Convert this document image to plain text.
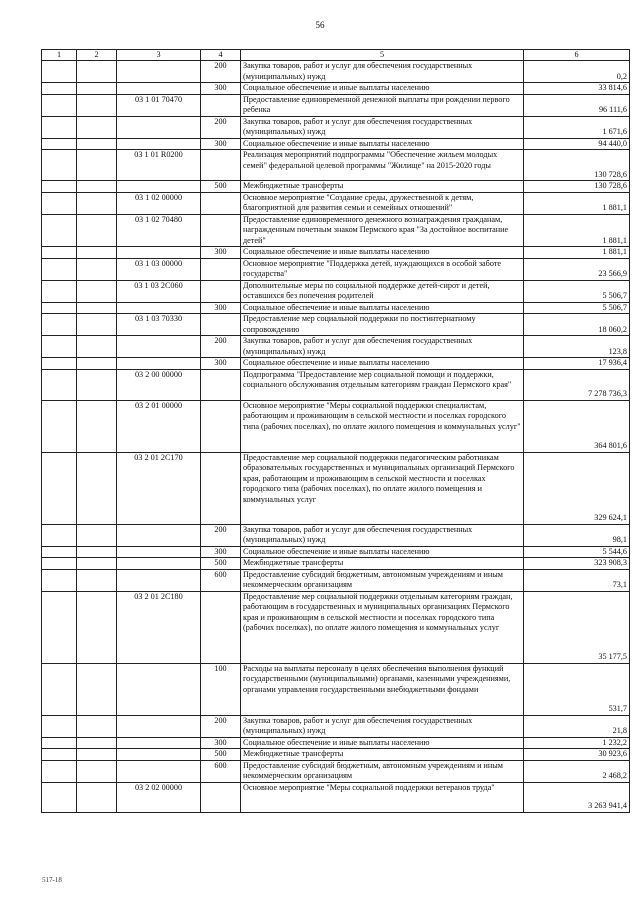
56
1	2	3	4	5	6
			200	Закупка товаров, работ и услуг для обеспечения государственных (муниципальных) нужд	0,2
			300	Социальное обеспечение и иные выплаты населению	33 814,6
		03 1 01 70470		Предоставление единовременной денежной выплаты при рождении первого ребенка	96 111,6
			200	Закупка товаров, работ и услуг для обеспечения государственных (муниципальных) нужд	1 671,6
			300	Социальное обеспечение и иные выплаты населению	94 440,0
		03 1 01 R0200		Реализация мероприятий подпрограммы "Обеспечение жильем молодых семей" федеральной целевой программы "Жилище" на 2015-2020 годы	130 728,6
			500	Межбюджетные трансферты	130 728,6
		03 1 02 00000		Основное мероприятие "Создание среды, дружественной к детям, благоприятной для развития семьи и семейных отношений"	1 881,1
		03 1 02 70480		Предоставление единовременного денежного вознаграждения гражданам, награжденным почетным знаком Пермского края "За достойное воспитание детей"	1 881,1
			300	Социальное обеспечение и иные выплаты населению	1 881,1
		03 1 03 00000		Основное мероприятие "Поддержка детей, нуждающихся в особой заботе государства"	23 566,9
		03 1 03 2С060		Дополнительные меры по социальной поддержке детей-сирот и детей, оставшихся без попечения родителей	5 506,7
			300	Социальное обеспечение и иные выплаты населению	5 506,7
		03 1 03 70330		Предоставление мер социальной поддержки по постинтернатному сопровождению	18 060,2
			200	Закупка товаров, работ и услуг для обеспечения государственных (муниципальных) нужд	123,8
			300	Социальное обеспечение и иные выплаты населению	17 936,4
		03 2 00 00000		Подпрограмма "Предоставление мер социальной помощи и поддержки, социального обслуживания отдельным категориям граждан Пермского края"	7 278 736,3
		03 2 01 00000		Основное мероприятие "Меры социальной поддержки специалистам, работающим и проживающим в сельской местности и поселках городского типа (рабочих поселках), по оплате жилого помещения и коммунальных услуг"	364 801,6
		03 2 01 2С170		Предоставление мер социальной поддержки педагогическим работникам образовательных государственных и муниципальных организаций Пермского края, работающим и проживающим в сельской местности и поселках городского типа (рабочих поселках), по оплате жилого помещения и коммунальных услуг	329 624,1
			200	Закупка товаров, работ и услуг для обеспечения государственных (муниципальных) нужд	98,1
			300	Социальное обеспечение и иные выплаты населению	5 544,6
			500	Межбюджетные трансферты	323 908,3
			600	Предоставление субсидий бюджетным, автономным учреждениям и иным некоммерческим организациям	73,1
		03 2 01 2С180		Предоставление мер социальной поддержки отдельным категориям граждан, работающим в государственных и муниципальных организациях Пермского края и проживающим в сельской местности и поселках городского типа (рабочих поселках), по оплате жилого помещения и коммунальных услуг	35 177,5
			100	Расходы на выплаты персоналу в целях обеспечения выполнения функций государственными (муниципальными) органами, казенными учреждениями, органами управления государственными внебюджетными фондами	531,7
			200	Закупка товаров, работ и услуг для обеспечения государственных (муниципальных) нужд	21,8
			300	Социальное обеспечение и иные выплаты населению	1 232,2
			500	Межбюджетные трансферты	30 923,6
			600	Предоставление субсидий бюджетным, автономным учреждениям и иным некоммерческим организациям	2 468,2
		03 2 02 00000		Основное мероприятие "Меры социальной поддержки ветеранов труда"	3 263 941,4
517-18
